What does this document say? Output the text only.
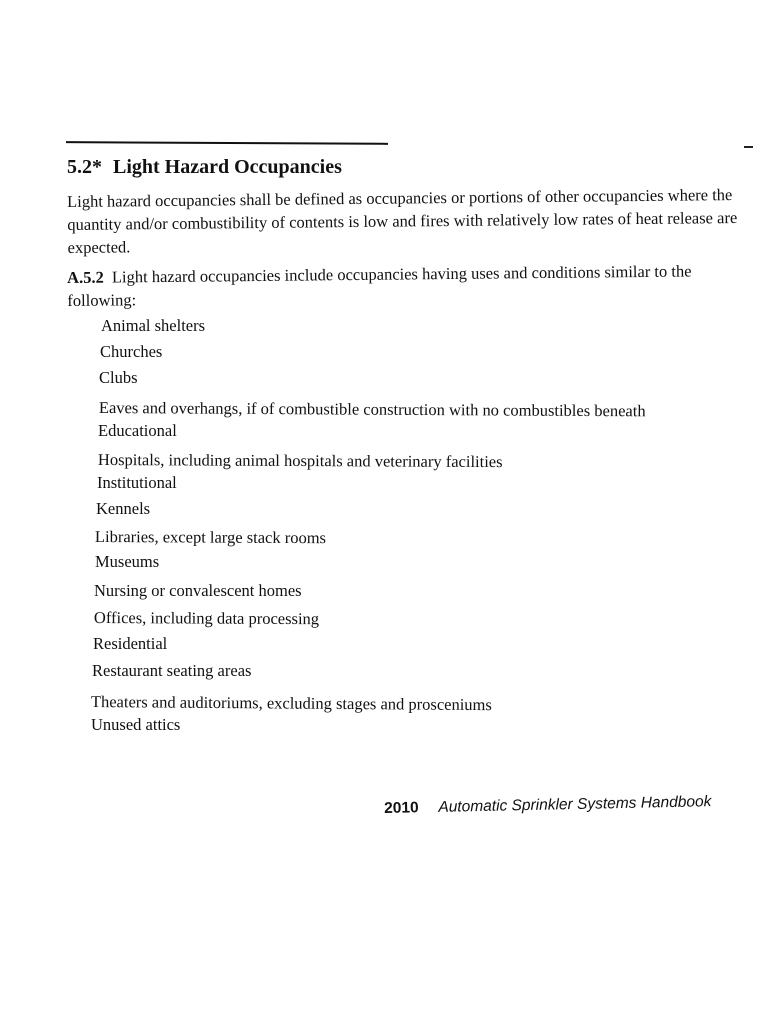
5.2* Light Hazard Occupancies
Light hazard occupancies shall be defined as occupancies or portions of other occupancies where the quantity and/or combustibility of contents is low and fires with relatively low rates of heat release are expected.
A.5.2 Light hazard occupancies include occupancies having uses and conditions similar to the following:
Animal shelters
Churches
Clubs
Eaves and overhangs, if of combustible construction with no combustibles beneath
Educational
Hospitals, including animal hospitals and veterinary facilities
Institutional
Kennels
Libraries, except large stack rooms
Museums
Nursing or convalescent homes
Offices, including data processing
Residential
Restaurant seating areas
Theaters and auditoriums, excluding stages and prosceniums
Unused attics
2010 Automatic Sprinkler Systems Handbook
